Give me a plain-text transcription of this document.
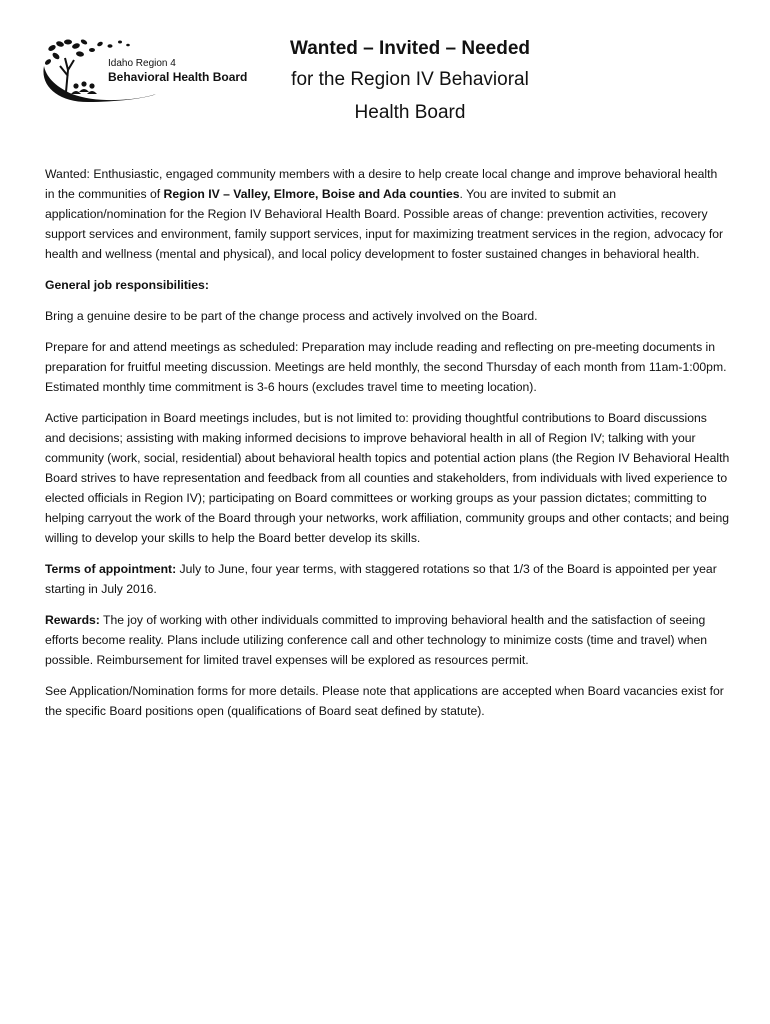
Idaho Region 4
Behavioral Health Board
Wanted – Invited – Needed
for the Region IV Behavioral
Health Board

Wanted: Enthusiastic, engaged community members with a desire to help create local change and improve behavioral health in the communities of Region IV – Valley, Elmore, Boise and Ada counties. You are invited to submit an application/nomination for the Region IV Behavioral Health Board. Possible areas of change: prevention activities, recovery support services and environment, family support services, input for maximizing treatment services in the region, advocacy for health and wellness (mental and physical), and local policy development to foster sustained changes in behavioral health.

General job responsibilities:

Bring a genuine desire to be part of the change process and actively involved on the Board.

Prepare for and attend meetings as scheduled: Preparation may include reading and reflecting on pre-meeting documents in preparation for fruitful meeting discussion. Meetings are held monthly, the second Thursday of each month from 11am-1:00pm. Estimated monthly time commitment is 3-6 hours (excludes travel time to meeting location).

Active participation in Board meetings includes, but is not limited to: providing thoughtful contributions to Board discussions and decisions; assisting with making informed decisions to improve behavioral health in all of Region IV; talking with your community (work, social, residential) about behavioral health topics and potential action plans (the Region IV Behavioral Health Board strives to have representation and feedback from all counties and stakeholders, from individuals with lived experience to elected officials in Region IV); participating on Board committees or working groups as your passion dictates; committing to helping carryout the work of the Board through your networks, work affiliation, community groups and other contacts; and being willing to develop your skills to help the Board better develop its skills.

Terms of appointment: July to June, four year terms, with staggered rotations so that 1/3 of the Board is appointed per year starting in July 2016.

Rewards: The joy of working with other individuals committed to improving behavioral health and the satisfaction of seeing efforts become reality. Plans include utilizing conference call and other technology to minimize costs (time and travel) when possible. Reimbursement for limited travel expenses will be explored as resources permit.

See Application/Nomination forms for more details. Please note that applications are accepted when Board vacancies exist for the specific Board positions open (qualifications of Board seat defined by statute).
